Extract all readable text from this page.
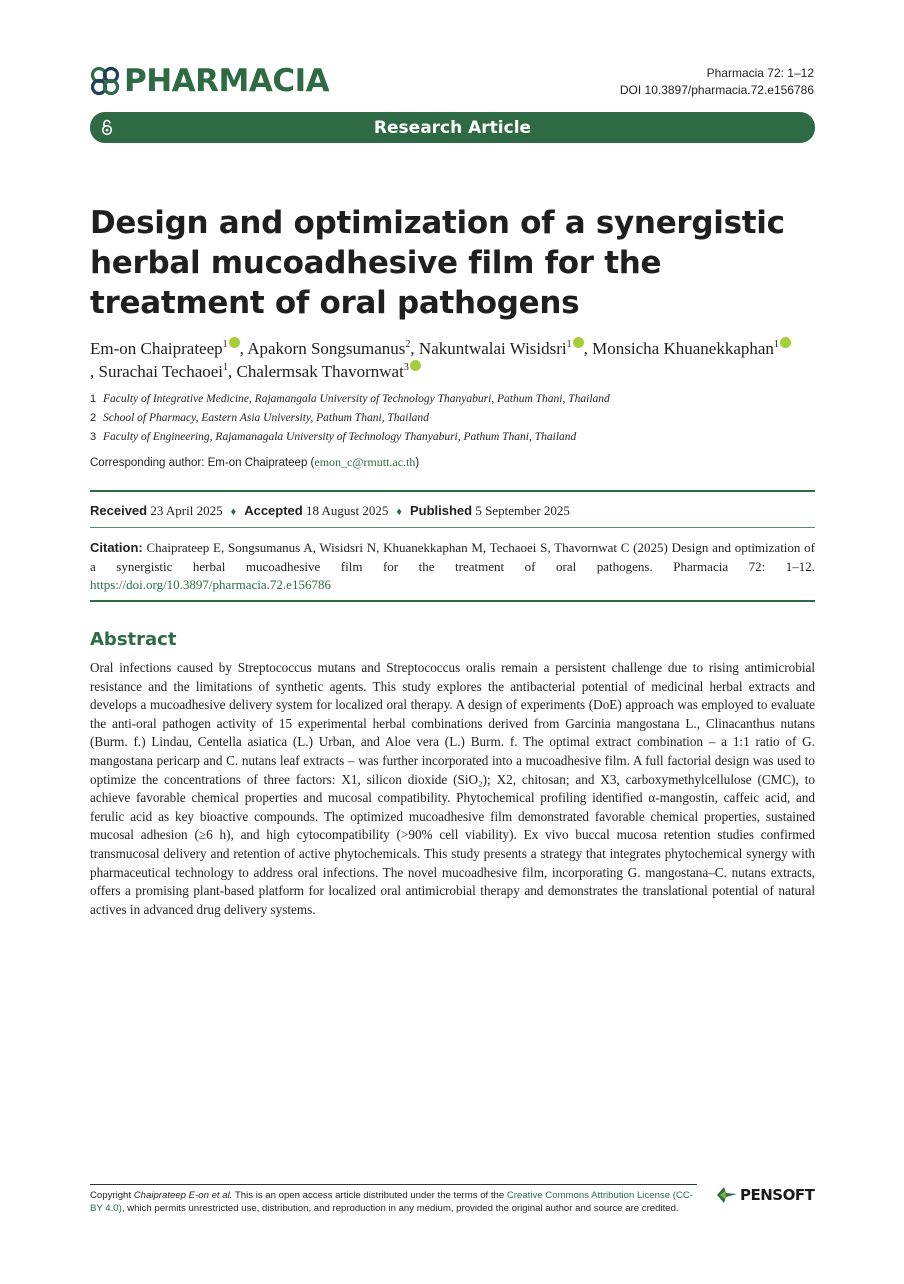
PHARMACIA	Pharmacia 72: 1–12
DOI 10.3897/pharmacia.72.e156786
Research Article
Design and optimization of a synergistic herbal mucoadhesive film for the treatment of oral pathogens
Em-on Chaiprateep$^1$ , Apakorn Songsumanus$^2$, Nakuntwalai Wisidsri$^1$ , Monsicha Khuanekkaphan$^1$
, Surachai Techaoei$^1$, Chalermsak Thavornwat$^3$
1 Faculty of Integrative Medicine, Rajamangala University of Technology Thanyaburi, Pathum Thani, Thailand
2 School of Pharmacy, Eastern Asia University, Pathum Thani, Thailand
3 Faculty of Engineering, Rajamanagala University of Technology Thanyaburi, Pathum Thani, Thailand
Corresponding author: Em-on Chaiprateep (emon_c@rmutt.ac.th)
Received 23 April 2025 ♦ Accepted 18 August 2025 ♦ Published 5 September 2025
Citation: Chaiprateep E, Songsumanus A, Wisidsri N, Khuanekkaphan M, Techaoei S, Thavornwat C (2025) Design and optimization of a synergistic herbal mucoadhesive film for the treatment of oral pathogens. Pharmacia 72: 1–12. https://doi.org/10.3897/pharmacia.72.e156786
Abstract

Oral infections caused by Streptococcus mutans and Streptococcus oralis remain a persistent challenge due to rising antimicrobial resistance and the limitations of synthetic agents. This study explores the antibacterial potential of medicinal herbal extracts and develops a mucoadhesive delivery system for localized oral therapy. A design of experiments (DoE) approach was employed to evaluate the anti-oral pathogen activity of 15 experimental herbal combinations derived from Garcinia mangostana L., Clinacanthus nutans (Burm. f.) Lindau, Centella asiatica (L.) Urban, and Aloe vera (L.) Burm. f. The optimal extract combination – a 1:1 ratio of G. mangostana pericarp and C. nutans leaf extracts – was further incorporated into a mucoadhesive film. A full factorial design was used to optimize the concentrations of three factors: X1, silicon dioxide (SiO₂); X2, chitosan; and X3, carboxymethylcellulose (CMC), to achieve favorable chemical properties and mucosal compatibility. Phytochemical profiling identified α-mangostin, caffeic acid, and ferulic acid as key bioactive compounds. The optimized mucoadhesive film demonstrated favorable chemical properties, sustained mucosal adhesion (≥6 h), and high cytocompatibility (>90% cell viability). Ex vivo buccal mucosa retention studies confirmed transmucosal delivery and retention of active phytochemicals. This study presents a strategy that integrates phytochemical synergy with pharmaceutical technology to address oral infections. The novel mucoadhesive film, incorporating G. mangostana–C. nutans extracts, offers a promising plant-based platform for localized oral antimicrobial therapy and demonstrates the translational potential of natural actives in advanced drug delivery systems.

Copyright Chaiprateep E-on et al. This is an open access article distributed under the terms of the Creative Commons Attribution License (CC-BY 4.0), which permits unrestricted use, distribution, and reproduction in any medium, provided the original author and source are credited.
PENSOFT
